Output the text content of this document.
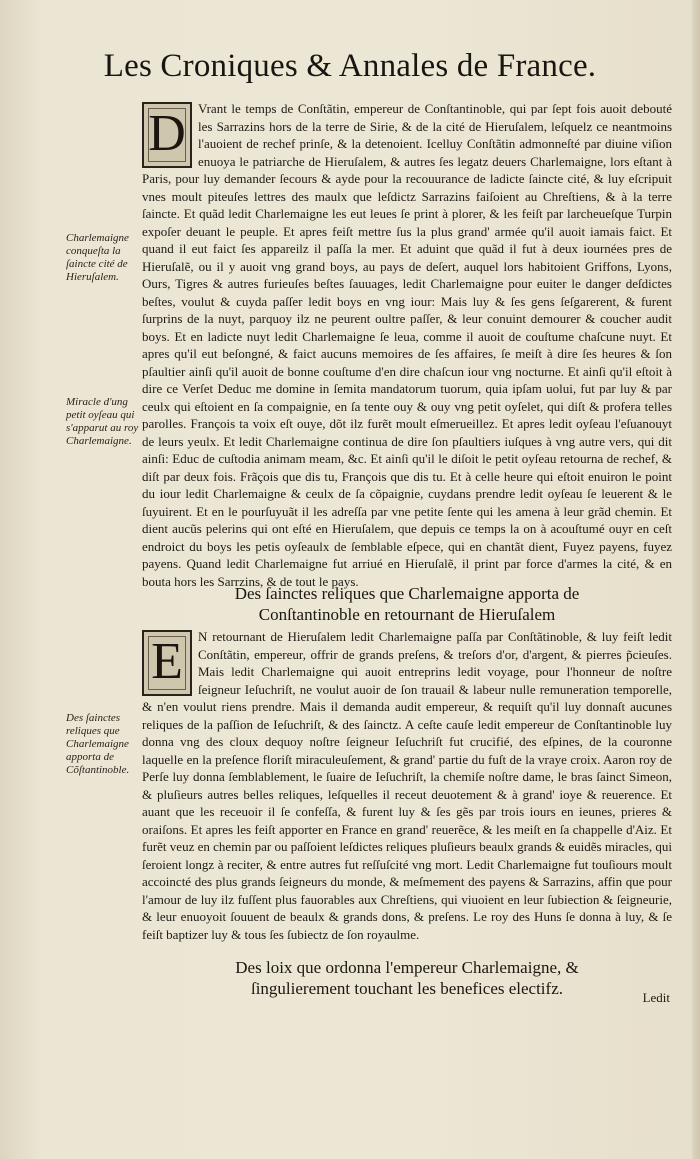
Les Croniques & Annales de France.
D Vrant le temps de Conſtãtin, empereur de Conſtantinoble, qui par ſept fois auoit debouté les Sarrazins hors de la terre de Sirie, & de la cité de Hieruſalem, leſquelz ce neantmoins l'auoient de rechef prinſe, & la detenoient. Icelluy Conſtãtin admonneſté par diuine viſion enuoya le patriarche de Hieruſalem, & autres ſes legatz deuers Charlemaigne, lors eſtant à Paris, pour luy demander ſecours & ayde pour la recouurance de ladicte ſaincte cité, & luy eſcripuit vnes moult piteuſes lettres des maulx que leſdictz Sarrazins faiſoient au Chreſtiens, & à la terre ſaincte. Et quãd ledit Charlemaigne les eut leues ſe print à plorer, & les feiſt par larcheueſque Turpin expoſer deuant le peuple. Et apres feiſt mettre ſus la plus grand' armée qu'il auoit iamais faict. Et quand il eut faict ſes appareilz il paſſa la mer. Et aduint que quãd il fut à deux iournées pres de Hieruſalẽ, ou il y auoit vng grand boys, au pays de deſert, auquel lors habitoient Griffons, Lyons, Ours, Tigres & autres furieuſes beſtes ſauuages, ledit Charlemaigne pour euiter le danger deſdictes beſtes, voulut & cuyda paſſer ledit boys en vng iour: Mais luy & ſes gens ſeſgarerent, & furent ſurprins de la nuyt, parquoy ilz ne peurent oultre paſſer, & leur conuint demourer & coucher audit boys. Et en ladicte nuyt ledit Charlemaigne ſe leua, comme il auoit de couſtume chaſcune nuyt. Et apres qu'il eut beſongné, & faict aucuns memoires de ſes affaires, ſe meiſt à dire ſes heures & ſon pſaultier ainſi qu'il auoit de bonne couſtume d'en dire chaſcun iour vng nocturne. Et ainſi qu'il eſtoit à dire ce Verſet Deduc me domine in ſemita mandatorum tuorum, quia ipſam uolui, fut par luy & par ceulx qui eſtoient en ſa compaignie, en ſa tente ouy & ouy vng petit oyſelet, qui diſt & profera telles parolles. François ta voix eſt ouye, dõt ilz furẽt moult eſmerueillez. Et apres ledit oyſeau l'eſuanouyt de leurs yeulx. Et ledit Charlemaigne continua de dire ſon pſaultiers iuſques à vng autre vers, qui dit ainſi: Educ de cuſtodia animam meam, &c. Et ainſi qu'il le diſoit le petit oyſeau retourna de rechef, & diſt par deux fois. Frãçois que dis tu, François que dis tu. Et à celle heure qui eſtoit enuiron le point du iour ledit Charlemaigne & ceulx de ſa cõpaignie, cuydans prendre ledit oyſeau ſe leuerent & le ſuyuirent. Et en le pourſuyuãt il les adreſſa par vne petite ſente qui les amena à leur grãd chemin. Et dient aucũs pelerins qui ont eſté en Hieruſalem, que depuis ce temps la on à acouſtumé ouyr en ceſt endroict du boys les petis oyſeaulx de ſemblable eſpece, qui en chantãt dient, Fuyez payens, fuyez payens. Quand ledit Charlemaigne fut arriué en Hieruſalẽ, il print par force d'armes la cité, & en bouta hors les Sarrzins, & de tout le pays.

Charlemaigne conqueſta la ſaincte cité de Hieruſalem.
Miracle d'ung petit oyſeau qui s'apparut au roy Charlemaigne.
Des ſainctes reliques que Charlemaigne apporta de
Conſtantinoble en retournant de Hieruſalem
E	N retournant de Hieruſalem ledit Charlemaigne paſſa par Conſtãtinoble, & luy feiſt ledit Conſtãtin, empereur, offrir de grands preſens, & treſors d'or, d'argent, & pierres p̃cieuſes. Mais ledit Charlemaigne qui auoit entreprins ledit voyage, pour l'honneur de noſtre ſeigneur Ieſuchriſt, ne voulut auoir de ſon trauail & labeur nulle remuneration temporelle, & n'en voulut riens prendre. Mais il demanda audit empereur, & requiſt qu'il luy donnaſt aucunes reliques de la paſſion de Ieſuchriſt, & des ſainctz. A ceſte cauſe ledit empereur de Conſtantinoble luy donna vng des cloux dequoy noſtre ſeigneur Ieſuchriſt fut crucifié, des eſpines, de la couronne laquelle en la preſence floriſt miraculeuſement, & grand' partie du fuſt de la vraye croix. Aaron roy de Perſe luy donna ſemblablement, le ſuaire de Ieſuchriſt, la chemiſe noſtre dame, le bras ſainct Simeon, & pluſieurs autres belles reliques, leſquelles il receut deuotement & à grand' ioye & reuerence. Et auant que les receuoir il ſe confeſſa, & furent luy & ſes gẽs par trois iours en ieunes, prieres & oraiſons. Et apres les feiſt apporter en France en grand' reuerẽce, & les meiſt en ſa chappelle d'Aiz. Et furẽt veuz en chemin par ou paſſoient leſdictes reliques pluſieurs beaulx grands & euidẽs miracles, qui ſeroient longz à reciter, & entre autres fut reſſuſcité vng mort. Ledit Charlemaigne fut touſiours moult accoincté des plus grands ſeigneurs du monde, & meſmement des payens & Sarrazins, affin que pour l'amour de luy ilz fuſſent plus fauorables aux Chreſtiens, qui viuoient en leur ſubiection & ſeigneurie, & leur enuoyoit ſouuent de beaulx & grands dons, & preſens. Le roy des Huns ſe donna à luy, & ſe feiſt baptizer luy & tous ſes ſubiectz de ſon royaulme.

Des ſainctes reliques que Charlemaigne apporta de Cõſtantinoble.
Des loix que ordonna l'empereur Charlemaigne, &
ſingulierement touchant les benefices electifz.	Ledit
